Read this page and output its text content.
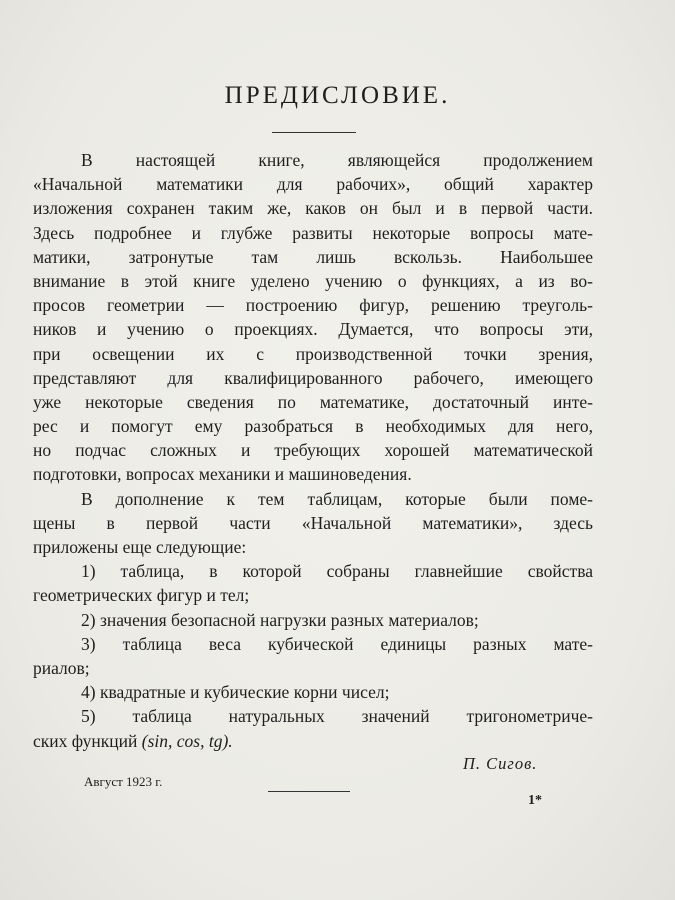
ПРЕДИСЛОВИЕ.

В настоящей книге, являющейся продолжением
«Начальной математики для рабочих», общий характер
изложения сохранен таким же, каков он был и в первой части.
Здесь подробнее и глубже развиты некоторые вопросы мате-
матики, затронутые там лишь вскользь. Наибольшее
внимание в этой книге уделено учению о функциях, а из во-
просов геометрии — построению фигур, решению треуголь-
ников и учению о проекциях. Думается, что вопросы эти,
при освещении их с производственной точки зрения,
представляют для квалифицированного рабочего, имеющего
уже некоторые сведения по математике, достаточный инте-
рес и помогут ему разобраться в необходимых для него,
но подчас сложных и требующих хорошей математической
подготовки, вопросах механики и машиноведения.

В дополнение к тем таблицам, которые были поме-
щены в первой части «Начальной математики», здесь
приложены еще следующие:

1) таблица, в которой собраны главнейшие свойства
геометрических фигур и тел;

2) значения безопасной нагрузки разных материалов;

3) таблица веса кубической единицы разных мате-
риалов;

4) квадратные и кубические корни чисел;

5) таблица натуральных значений тригонометриче-
ских функций (sin, cos, tg).

П. Сигов.
Август 1923 г.
1*
